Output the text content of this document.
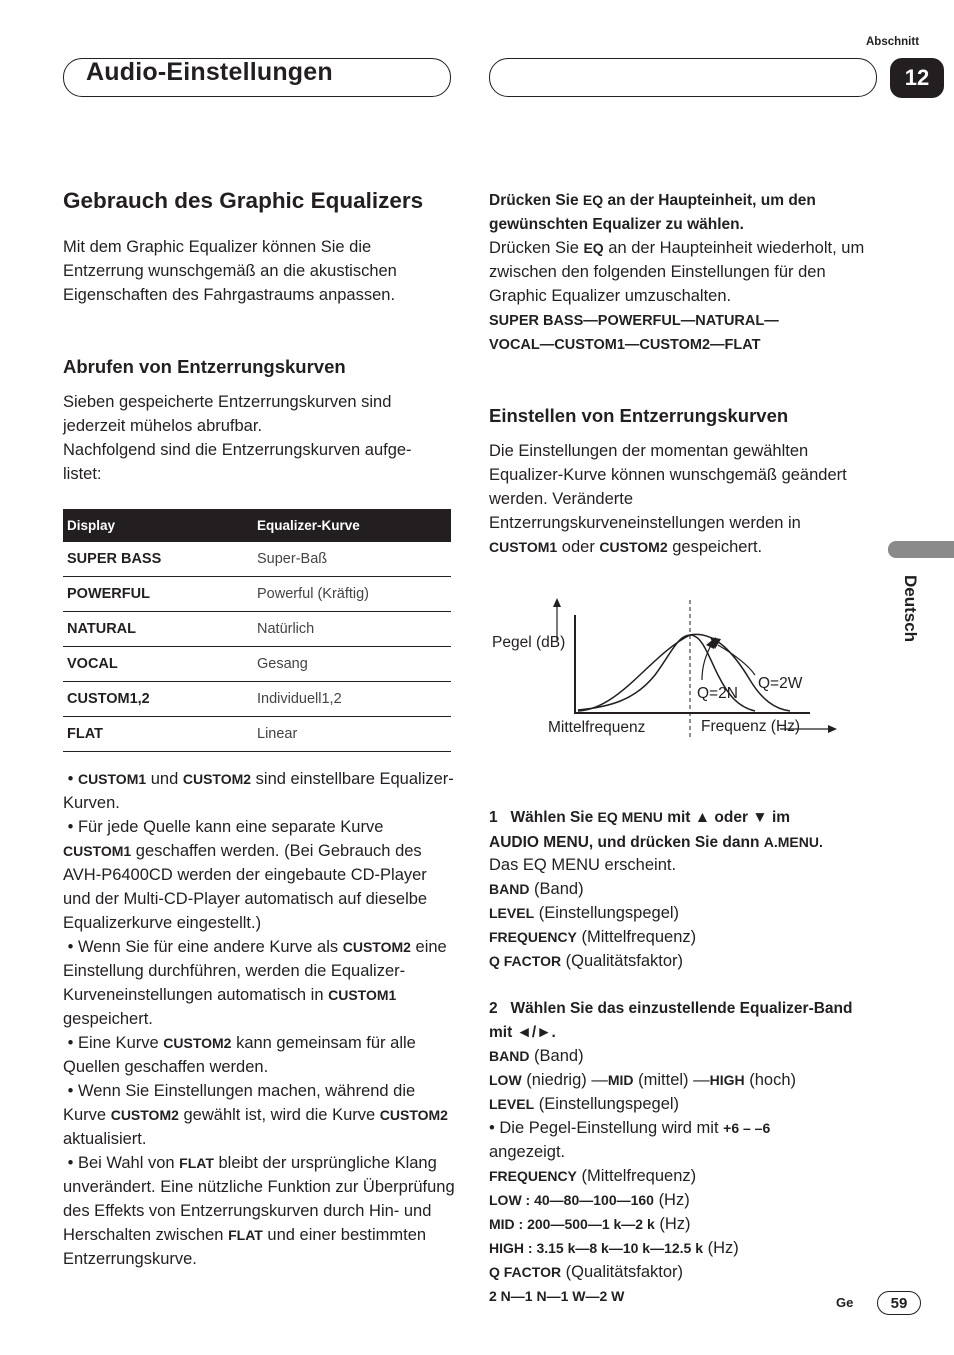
Abschnitt
Audio-Einstellungen	12
Gebrauch des Graphic Equalizers
Mit dem Graphic Equalizer können Sie die Entzerrung wunschgemäß an die akustischen Eigenschaften des Fahrgastraums anpassen.
Abrufen von Entzerrungskurven
Sieben gespeicherte Entzerrungskurven sind jederzeit mühelos abrufbar.
Nachfolgend sind die Entzerrungskurven aufge-
listet:
Display	Equalizer-Kurve
SUPER BASS	Super-Baß
POWERFUL	Powerful (Kräftig)
NATURAL	Natürlich
VOCAL	Gesang
CUSTOM1,2	Individuell1,2
FLAT	Linear
• CUSTOM1 und CUSTOM2 sind einstellbare Equalizer-Kurven.
• Für jede Quelle kann eine separate Kurve CUSTOM1 geschaffen werden. (Bei Gebrauch des AVH-P6400CD werden der eingebaute CD-Player und der Multi-CD-Player automatisch auf dieselbe Equalizerkurve eingestellt.)
• Wenn Sie für eine andere Kurve als CUSTOM2 eine Einstellung durchführen, werden die Equalizer-Kurveneinstellungen automatisch in CUSTOM1 gespeichert.
• Eine Kurve CUSTOM2 kann gemeinsam für alle Quellen geschaffen werden.
• Wenn Sie Einstellungen machen, während die Kurve CUSTOM2 gewählt ist, wird die Kurve CUSTOM2 aktualisiert.
• Bei Wahl von FLAT bleibt der ursprüngliche Klang unverändert. Eine nützliche Funktion zur Überprüfung des Effekts von Entzerrungskurven durch Hin- und Herschalten zwischen FLAT und einer bestimmten Entzerrungskurve.
Drücken Sie EQ an der Haupteinheit, um den gewünschten Equalizer zu wählen.
Drücken Sie EQ an der Haupteinheit wiederholt, um zwischen den folgenden Einstellungen für den Graphic Equalizer umzuschalten.
SUPER BASS—POWERFUL—NATURAL—
VOCAL—CUSTOM1—CUSTOM2—FLAT
Einstellen von Entzerrungskurven
Die Einstellungen der momentan gewählten Equalizer-Kurve können wunschgemäß geändert werden. Veränderte Entzerrungskurveneinstellungen werden in CUSTOM1 oder CUSTOM2 gespeichert.
Pegel (dB)
Q=2N
Q=2W
Mittelfrequenz	Frequenz (Hz)
1 Wählen Sie EQ MENU mit ▲ oder ▼ im
AUDIO MENU, und drücken Sie dann A.MENU.
Das EQ MENU erscheint.
BAND (Band)
LEVEL (Einstellungspegel)
FREQUENCY (Mittelfrequenz)
Q FACTOR (Qualitätsfaktor)
2 Wählen Sie das einzustellende Equalizer-Band mit ◄/►.
BAND (Band)
LOW (niedrig) —MID (mittel) —HIGH (hoch)
LEVEL (Einstellungspegel)
• Die Pegel-Einstellung wird mit +6 – –6
angezeigt.
FREQUENCY (Mittelfrequenz)
LOW : 40—80—100—160 (Hz)
MID : 200—500—1 k—2 k (Hz)
HIGH : 3.15 k—8 k—10 k—12.5 k (Hz)
Q FACTOR (Qualitätsfaktor)
2 N—1 N—1 W—2 W
Deutsch
Ge	59
